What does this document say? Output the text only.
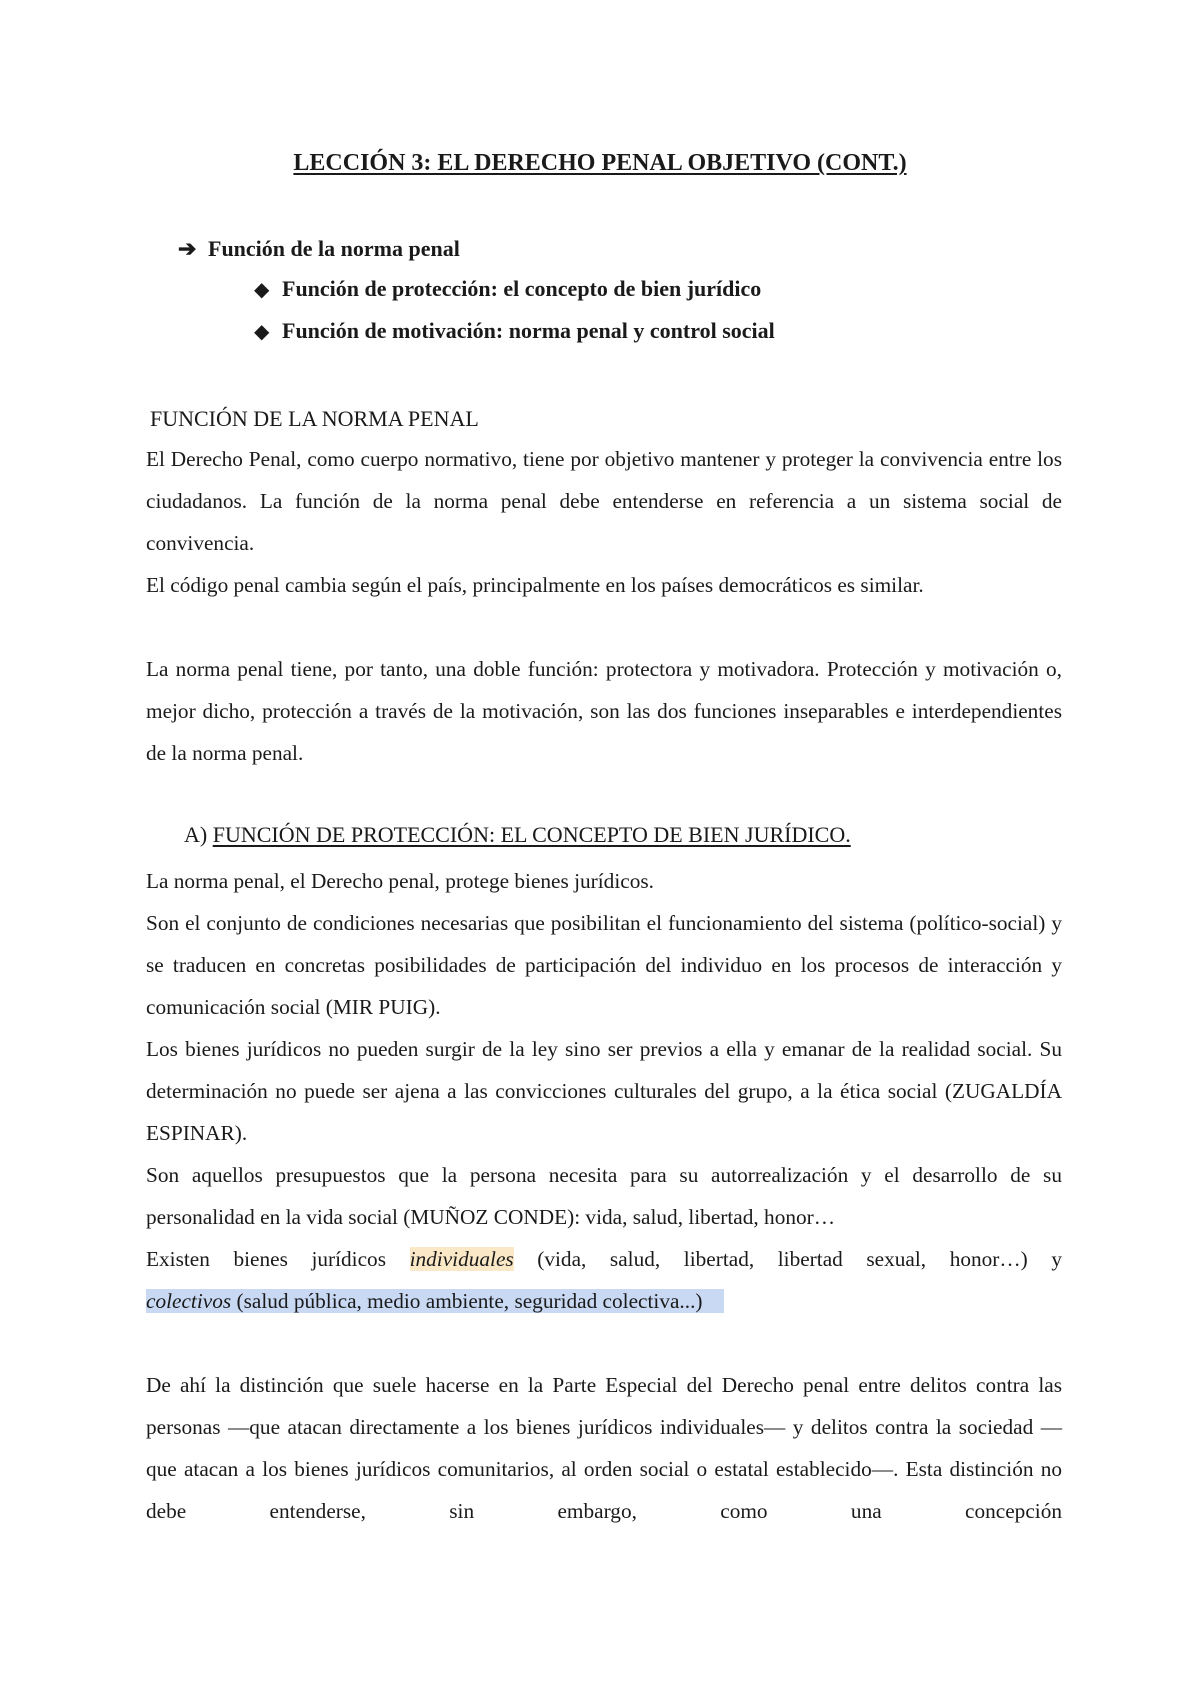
LECCIÓN 3: EL DERECHO PENAL OBJETIVO (CONT.)
➔ Función de la norma penal
◆ Función de protección: el concepto de bien jurídico
◆ Función de motivación: norma penal y control social
FUNCIÓN DE LA NORMA PENAL

El Derecho Penal, como cuerpo normativo, tiene por objetivo mantener y proteger la convivencia entre los ciudadanos. La función de la norma penal debe entenderse en referencia a un sistema social de convivencia.

El código penal cambia según el país, principalmente en los países democráticos es similar.

La norma penal tiene, por tanto, una doble función: protectora y motivadora. Protección y motivación o, mejor dicho, protección a través de la motivación, son las dos funciones inseparables e interdependientes de la norma penal.

A) FUNCIÓN DE PROTECCIÓN: EL CONCEPTO DE BIEN JURÍDICO.

La norma penal, el Derecho penal, protege bienes jurídicos.

Son el conjunto de condiciones necesarias que posibilitan el funcionamiento del sistema (político-social) y se traducen en concretas posibilidades de participación del individuo en los procesos de interacción y comunicación social (MIR PUIG).

Los bienes jurídicos no pueden surgir de la ley sino ser previos a ella y emanar de la realidad social. Su determinación no puede ser ajena a las convicciones culturales del grupo, a la ética social (ZUGALDÍA ESPINAR).

Son aquellos presupuestos que la persona necesita para su autorrealización y el desarrollo de su personalidad en la vida social (MUÑOZ CONDE): vida, salud, libertad, honor…

Existen bienes jurídicos individuales (vida, salud, libertad, libertad sexual, honor…) y

colectivos (salud pública, medio ambiente, seguridad colectiva...)

De ahí la distinción que suele hacerse en la Parte Especial del Derecho penal entre delitos contra las personas —que atacan directamente a los bienes jurídicos individuales— y delitos contra la sociedad —que atacan a los bienes jurídicos comunitarios, al orden social o estatal establecido—. Esta distinción no debe entenderse, sin embargo, como una concepción
